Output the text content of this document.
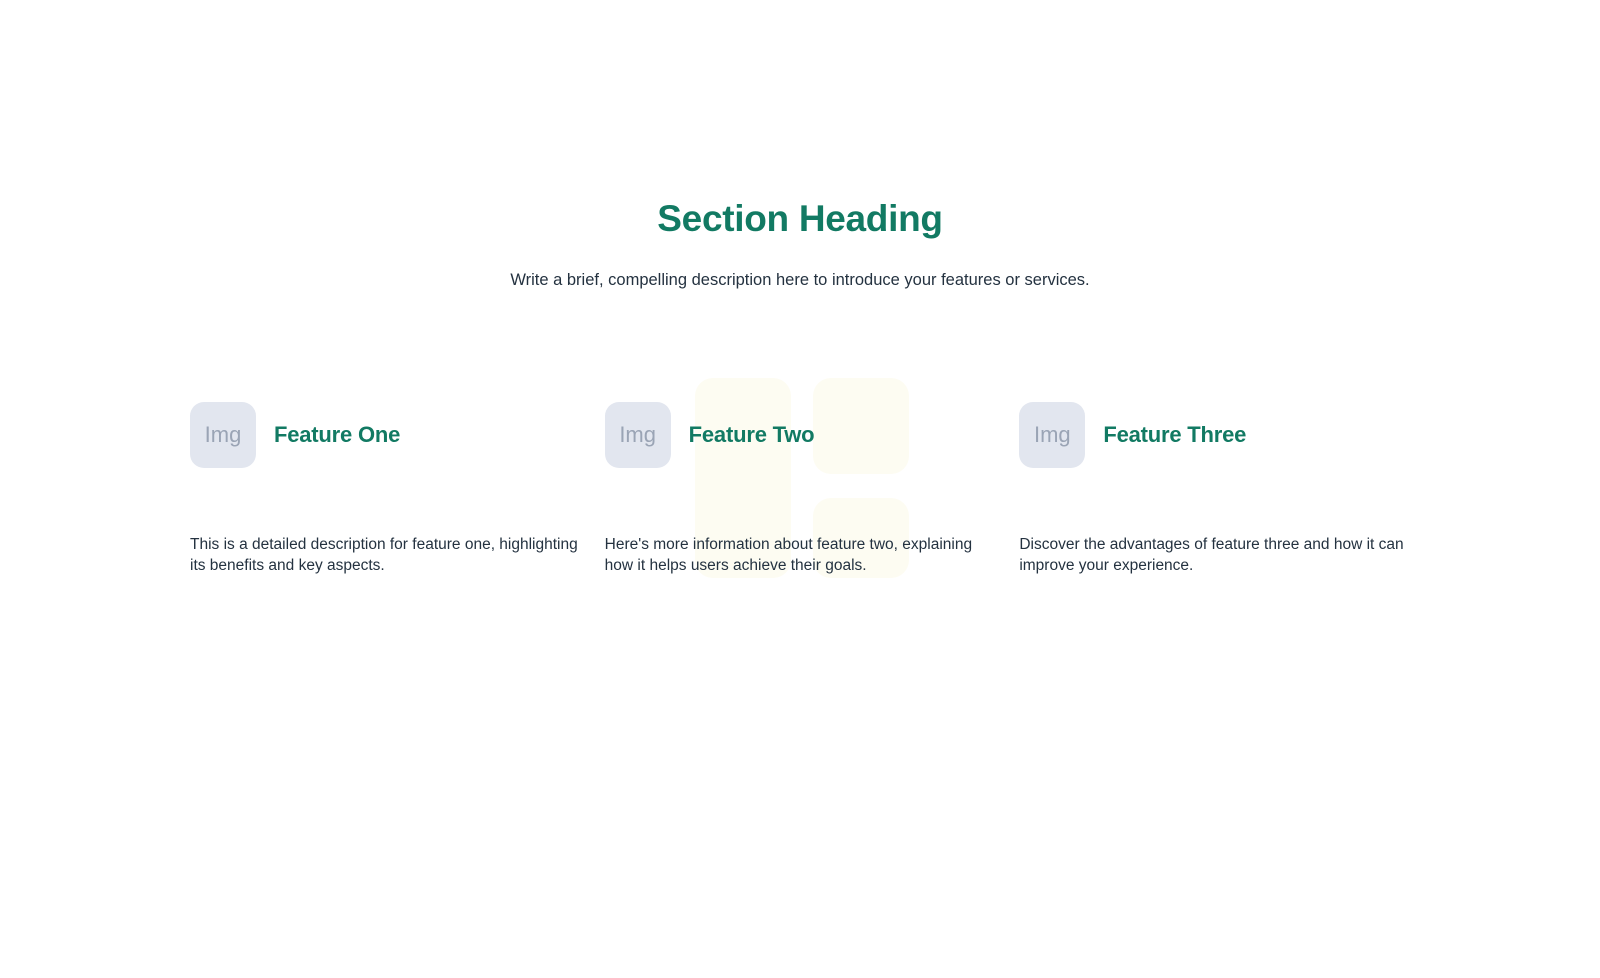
Section Heading

Write a brief, compelling description here to introduce your features or services.

Img	Feature One

This is a detailed description for feature one, highlighting its benefits and key aspects.

Img	Feature Two

Here's more information about feature two, explaining how it helps users achieve their goals.

Img	Feature Three

Discover the advantages of feature three and how it can improve your experience.
